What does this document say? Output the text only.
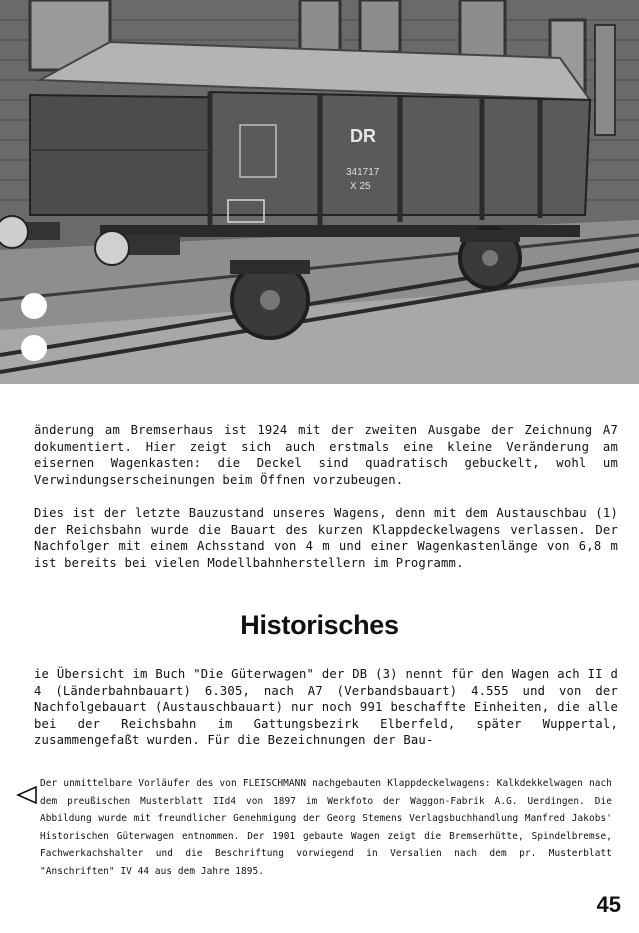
DR
341717
X 25

änderung am Bremserhaus ist 1924 mit der zweiten Ausgabe der Zeichnung A7 dokumentiert. Hier zeigt sich auch erstmals eine kleine Veränderung am eisernen Wagenkasten: die Deckel sind quadratisch gebuckelt, wohl um Verwindungserscheinungen beim Öffnen vorzubeugen.

Dies ist der letzte Bauzustand unseres Wagens, denn mit dem Austauschbau (1) der Reichsbahn wurde die Bauart des kurzen Klappdeckelwagens verlassen. Der Nachfolger mit einem Achsstand von 4 m und einer Wagenkastenlänge von 6,8 m ist bereits bei vielen Modellbahnherstellern im Programm.

Historisches

ie Übersicht im Buch "Die Güterwagen" der DB (3) nennt für den Wagen ach II d 4 (Länderbahnbauart) 6.305, nach A7 (Verbandsbauart) 4.555 und von der Nachfolgebauart (Austauschbauart) nur noch 991 beschaffte Einheiten, die alle bei der Reichsbahn im Gattungsbezirk Elberfeld, später Wuppertal, zusammengefaßt wurden. Für die Bezeichnungen der Bau-

Der unmittelbare Vorläufer des von FLEISCHMANN nachgebauten Klappdeckelwagens: Kalkdekkelwagen nach dem preußischen Musterblatt IId4 von 1897 im Werkfoto der Waggon-Fabrik A.G. Uerdingen. Die Abbildung wurde mit freundlicher Genehmigung der Georg Stemens Verlagsbuchhandlung Manfred Jakobs' Historischen Güterwagen entnommen. Der 1901 gebaute Wagen zeigt die Bremserhütte, Spindelbremse, Fachwerkachshalter und die Beschriftung vorwiegend in Versalien nach dem pr. Musterblatt "Anschriften" IV 44 aus dem Jahre 1895.

45
